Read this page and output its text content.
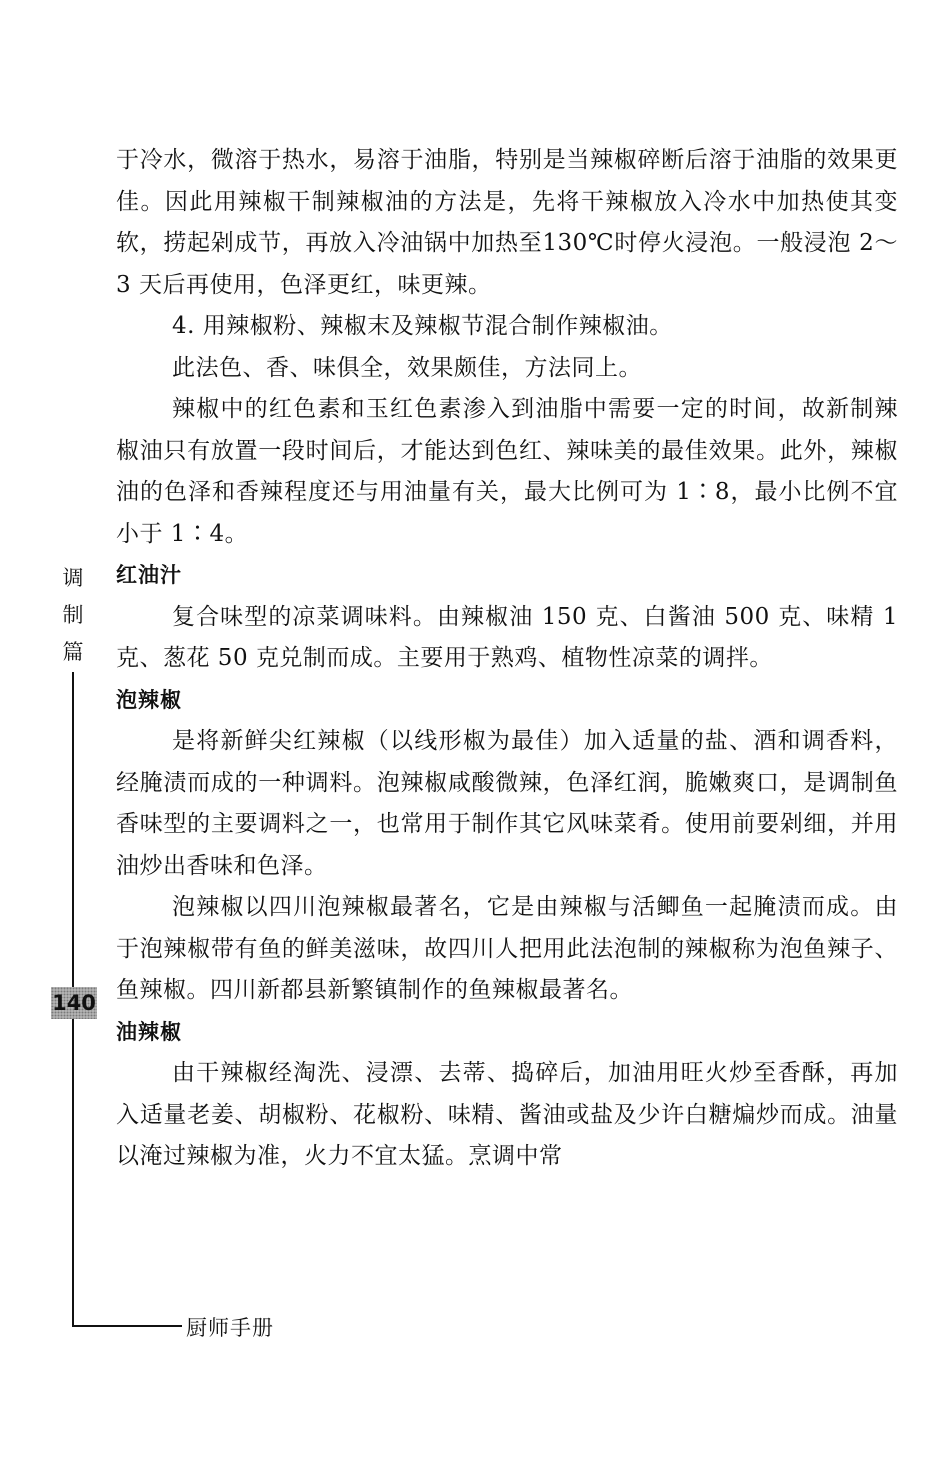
于冷水，微溶于热水，易溶于油脂，特别是当辣椒碎断后溶于油脂的效果更佳。因此用辣椒干制辣椒油的方法是，先将干辣椒放入冷水中加热使其变软，捞起剁成节，再放入冷油锅中加热至130℃时停火浸泡。一般浸泡 2～3 天后再使用，色泽更红，味更辣。

4. 用辣椒粉、辣椒末及辣椒节混合制作辣椒油。

此法色、香、味俱全，效果颇佳，方法同上。

辣椒中的红色素和玉红色素渗入到油脂中需要一定的时间，故新制辣椒油只有放置一段时间后，才能达到色红、辣味美的最佳效果。此外，辣椒油的色泽和香辣程度还与用油量有关，最大比例可为 1∶8，最小比例不宜小于 1∶4。

红油汁

复合味型的凉菜调味料。由辣椒油 150 克、白酱油 500 克、味精 1 克、葱花 50 克兑制而成。主要用于熟鸡、植物性凉菜的调拌。

泡辣椒

是将新鲜尖红辣椒（以线形椒为最佳）加入适量的盐、酒和调香料，经腌渍而成的一种调料。泡辣椒咸酸微辣，色泽红润，脆嫩爽口，是调制鱼香味型的主要调料之一，也常用于制作其它风味菜肴。使用前要剁细，并用油炒出香味和色泽。

泡辣椒以四川泡辣椒最著名，它是由辣椒与活鲫鱼一起腌渍而成。由于泡辣椒带有鱼的鲜美滋味，故四川人把用此法泡制的辣椒称为泡鱼辣子、鱼辣椒。四川新都县新繁镇制作的鱼辣椒最著名。

油辣椒

由干辣椒经淘洗、浸漂、去蒂、捣碎后，加油用旺火炒至香酥，再加入适量老姜、胡椒粉、花椒粉、味精、酱油或盐及少许白糖煸炒而成。油量以淹过辣椒为准，火力不宜太猛。烹调中常

调
制
篇
140
厨师手册
